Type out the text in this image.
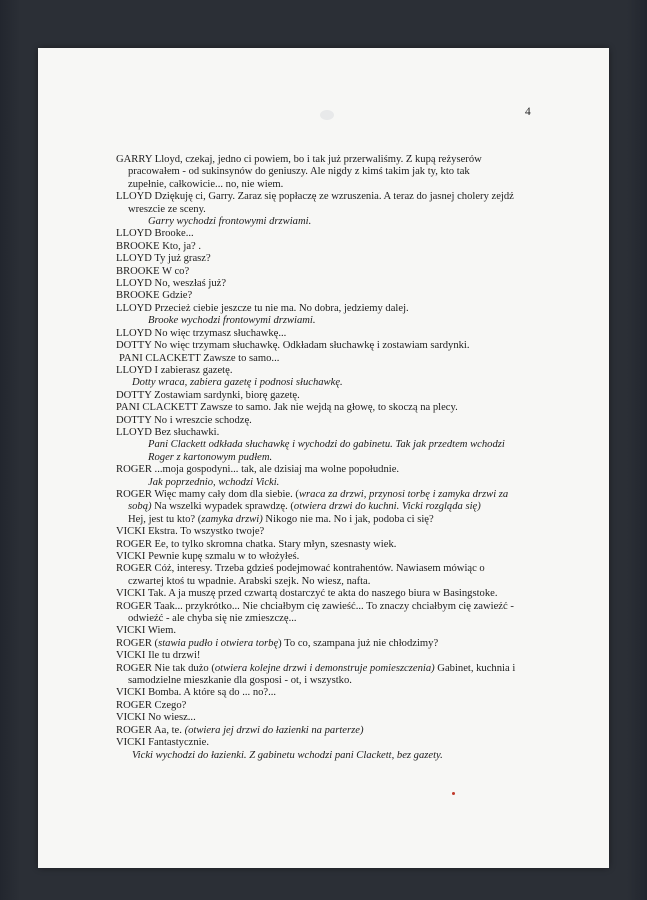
4
GARRY Lloyd, czekaj, jedno ci powiem, bo i tak już przerwaliśmy. Z kupą reżyserów
pracowałem - od sukinsynów do geniuszy. Ale nigdy z kimś takim jak ty, kto tak
zupełnie, całkowicie... no, nie wiem.
LLOYD Dziękuję ci, Garry. Zaraz się popłaczę ze wzruszenia. A teraz do jasnej cholery zejdź
wreszcie ze sceny.
Garry wychodzi frontowymi drzwiami.
LLOYD Brooke...
BROOKE Kto, ja? .
LLOYD Ty już grasz?
BROOKE W co?
LLOYD No, weszłaś już?
BROOKE Gdzie?
LLOYD Przecież ciebie jeszcze tu nie ma. No dobra, jedziemy dalej.
Brooke wychodzi frontowymi drzwiami.
LLOYD No więc trzymasz słuchawkę...
DOTTY No więc trzymam słuchawkę. Odkładam słuchawkę i zostawiam sardynki.
PANI CLACKETT Zawsze to samo...
LLOYD I zabierasz gazetę.
Dotty wraca, zabiera gazetę i podnosi słuchawkę.
DOTTY Zostawiam sardynki, biorę gazetę.
PANI CLACKETT Zawsze to samo. Jak nie wejdą na głowę, to skoczą na plecy.
DOTTY No i wreszcie schodzę.
LLOYD Bez słuchawki.
Pani Clackett odkłada słuchawkę i wychodzi do gabinetu. Tak jak przedtem wchodzi
Roger z kartonowym pudłem.
ROGER ...moja gospodyni... tak, ale dzisiaj ma wolne popołudnie.
Jak poprzednio, wchodzi Vicki.
ROGER Więc mamy cały dom dla siebie. (wraca za drzwi, przynosi torbę i zamyka drzwi za
sobą) Na wszelki wypadek sprawdzę. (otwiera drzwi do kuchni. Vicki rozgląda się)
Hej, jest tu kto? (zamyka drzwi) Nikogo nie ma. No i jak, podoba ci się?
VICKI Ekstra. To wszystko twoje?
ROGER Ee, to tylko skromna chatka. Stary młyn, szesnasty wiek.
VICKI Pewnie kupę szmalu w to włożyłeś.
ROGER Cóż, interesy. Trzeba gdzieś podejmować kontrahentów. Nawiasem mówiąc o
czwartej ktoś tu wpadnie. Arabski szejk. No wiesz, nafta.
VICKI Tak. A ja muszę przed czwartą dostarczyć te akta do naszego biura w Basingstoke.
ROGER Taak... przykrótko... Nie chciałbym cię zawieść... To znaczy chciałbym cię zawieźć -
odwieźć - ale chyba się nie zmieszczę...
VICKI Wiem.
ROGER (stawia pudło i otwiera torbę) To co, szampana już nie chłodzimy?
VICKI Ile tu drzwi!
ROGER Nie tak dużo (otwiera kolejne drzwi i demonstruje pomieszczenia) Gabinet, kuchnia i
samodzielne mieszkanie dla gosposi - ot, i wszystko.
VICKI Bomba. A które są do ... no?...
ROGER Czego?
VICKI No wiesz...
ROGER Aa, te. (otwiera jej drzwi do łazienki na parterze)
VICKI Fantastycznie.
Vicki wychodzi do łazienki. Z gabinetu wchodzi pani Clackett, bez gazety.
